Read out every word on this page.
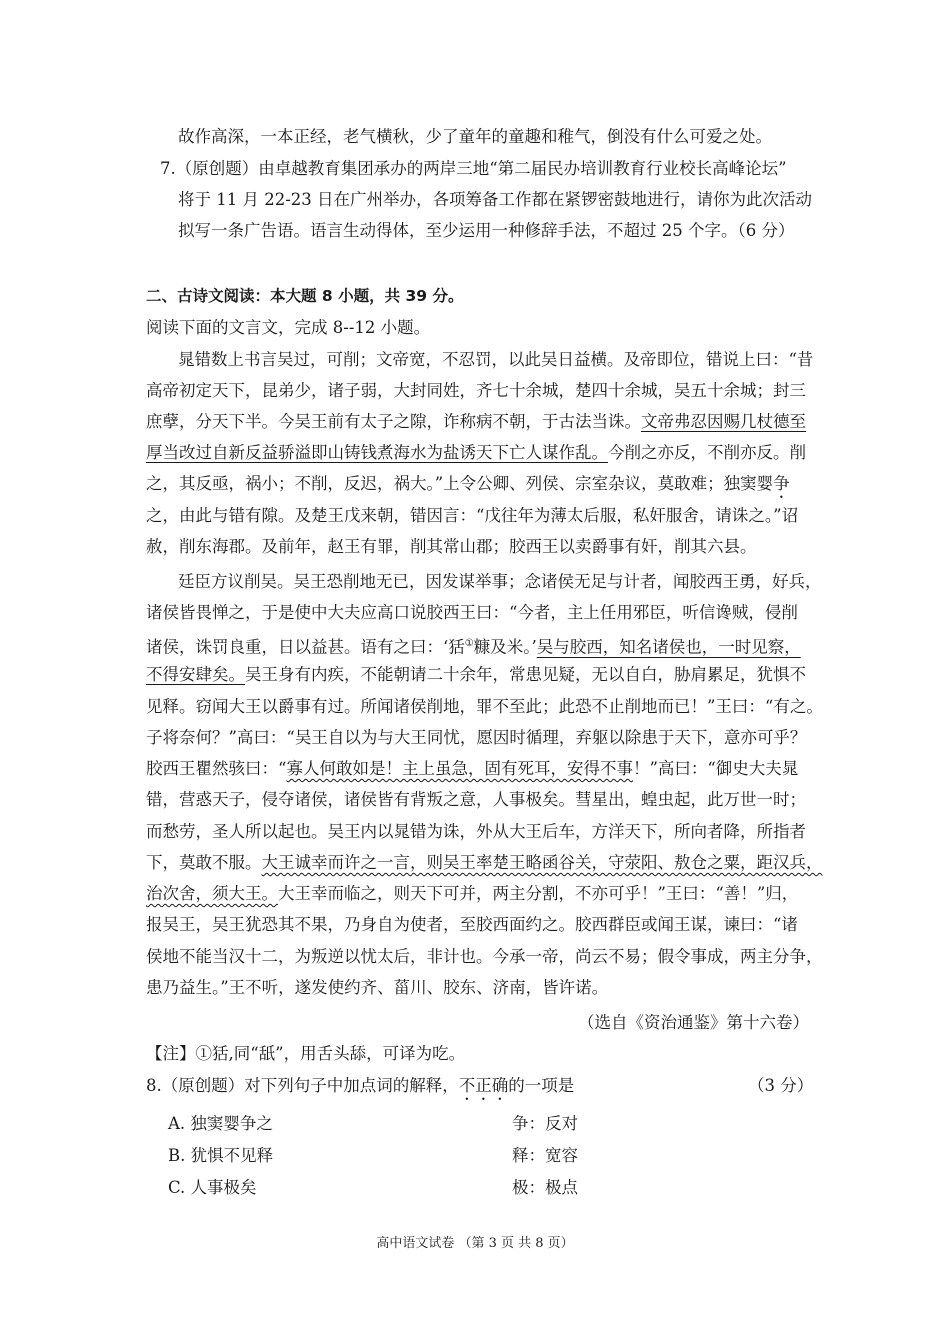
故作高深，一本正经，老气横秋，少了童年的童趣和稚气，倒没有什么可爱之处。
7.（原创题）由卓越教育集团承办的两岸三地“第二届民办培训教育行业校长高峰论坛”
将于 11 月 22-23 日在广州举办，各项筹备工作都在紧锣密鼓地进行，请你为此次活动
拟写一条广告语。语言生动得体，至少运用一种修辞手法，不超过 25 个字。（6 分）
二、古诗文阅读：本大题 8 小题，共 39 分。
阅读下面的文言文，完成 8--12 小题。
晁错数上书言吴过，可削；文帝宽，不忍罚，以此吴日益横。及帝即位，错说上曰：“昔
高帝初定天下，昆弟少，诸子弱，大封同姓，齐七十余城，楚四十余城，吴五十余城；封三
庶孽，分天下半。今吴王前有太子之隙，诈称病不朝，于古法当诛。文帝弗忍因赐几杖德至
厚当改过自新反益骄溢即山铸钱煮海水为盐诱天下亡人谋作乱。今削之亦反，不削亦反。削
之，其反亟，祸小；不削，反迟，祸大。”上令公卿、列侯、宗室杂议，莫敢难；独窦婴争
之，由此与错有隙。及楚王戊来朝，错因言：“戊往年为薄太后服，私奸服舍，请诛之。”诏
赦，削东海郡。及前年，赵王有罪，削其常山郡；胶西王以卖爵事有奸，削其六县。
廷臣方议削吴。吴王恐削地无已，因发谋举事；念诸侯无足与计者，闻胶西王勇，好兵，
诸侯皆畏惮之，于是使中大夫应高口说胶西王曰：“今者，主上任用邪臣，听信谗贼，侵削
诸侯，诛罚良重，日以益甚。语有之曰：‘狧①糠及米。’吴与胶西，知名诸侯也，一时见察，
不得安肆矣。吴王身有内疾，不能朝请二十余年，常患见疑，无以自白，胁肩累足，犹惧不
见释。窃闻大王以爵事有过。所闻诸侯削地，罪不至此；此恐不止削地而已！”王曰：“有之。
子将奈何？”高曰：“吴王自以为与大王同忧，愿因时循理，弃躯以除患于天下，意亦可乎？
胶西王瞿然骇曰：“寡人何敢如是！主上虽急，固有死耳，安得不事！”高曰：“御史大夫晁
错，营惑天子，侵夺诸侯，诸侯皆有背叛之意，人事极矣。彗星出，蝗虫起，此万世一时；
而愁劳，圣人所以起也。吴王内以晁错为诛，外从大王后车，方洋天下，所向者降，所指者
下，莫敢不服。大王诚幸而许之一言，则吴王率楚王略函谷关，守荥阳、敖仓之粟，距汉兵，
治次舍，须大王。大王幸而临之，则天下可并，两主分割，不亦可乎！”王曰：“善！”归，
报吴王，吴王犹恐其不果，乃身自为使者，至胶西面约之。胶西群臣或闻王谋，谏曰：“诸
侯地不能当汉十二，为叛逆以忧太后，非计也。今承一帝，尚云不易；假令事成，两主分争，
患乃益生。”王不听，遂发使约齐、菑川、胶东、济南，皆许诺。
（选自《资治通鉴》第十六卷）
【注】①狧,同“舐”，用舌头舔，可译为吃。
8.（原创题）对下列句子中加点词的解释，不正确的一项是	（3 分）
A. 独窦婴争之	争：反对
B. 犹惧不见释	释：宽容
C. 人事极矣	极：极点
高中语文试卷 （第 3 页 共 8 页）
